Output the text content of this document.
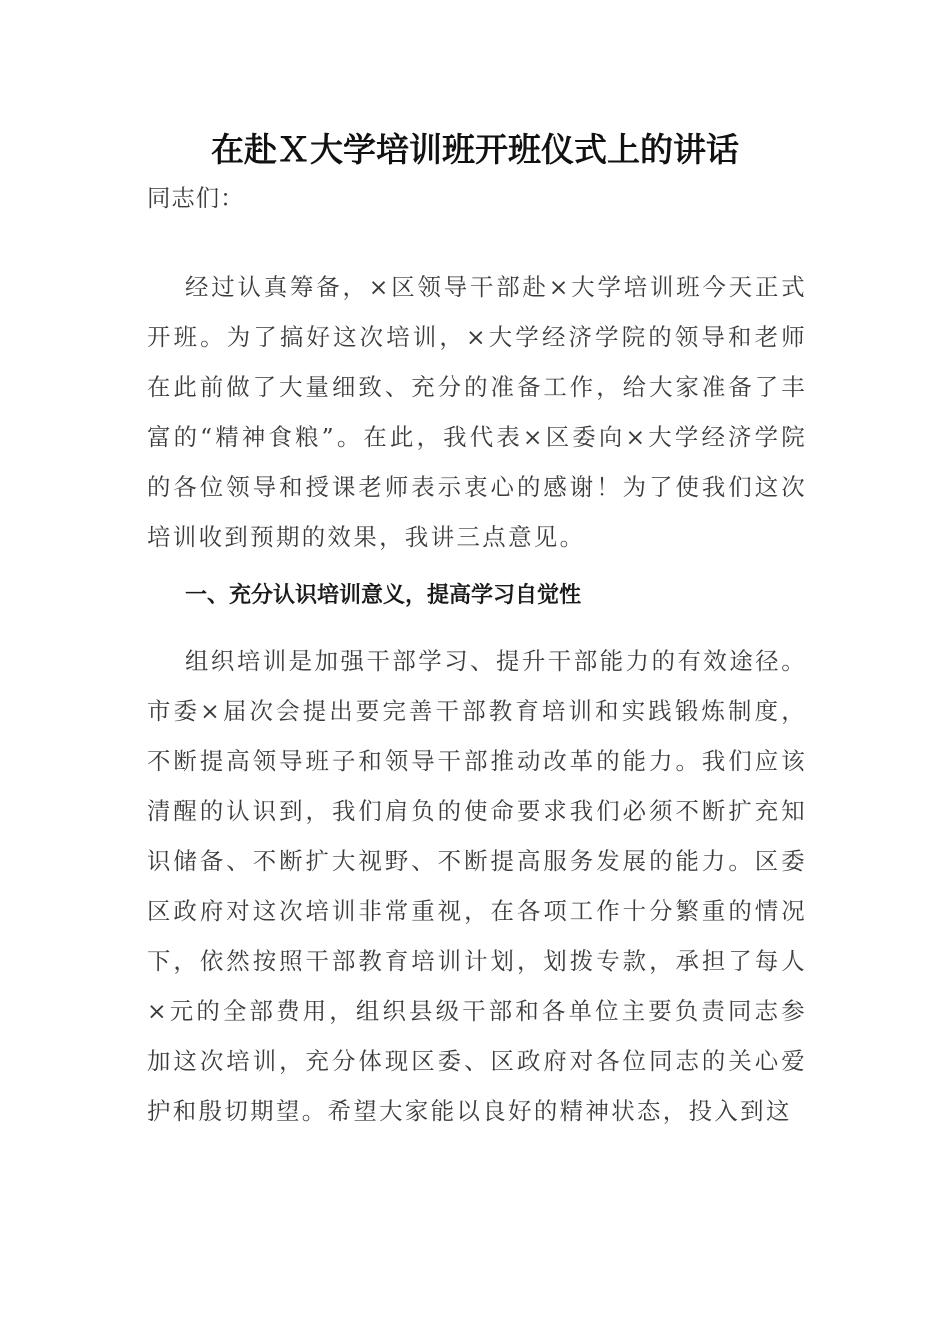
在赴Ｘ大学培训班开班仪式上的讲话

同志们：

经过认真筹备，×区领导干部赴×大学培训班今天正式开班。为了搞好这次培训，×大学经济学院的领导和老师在此前做了大量细致、充分的准备工作，给大家准备了丰富的“精神食粮”。在此，我代表×区委向×大学经济学院的各位领导和授课老师表示衷心的感谢！为了使我们这次培训收到预期的效果，我讲三点意见。

一、充分认识培训意义，提高学习自觉性

组织培训是加强干部学习、提升干部能力的有效途径。市委×届次会提出要完善干部教育培训和实践锻炼制度，不断提高领导班子和领导干部推动改革的能力。我们应该清醒的认识到，我们肩负的使命要求我们必须不断扩充知识储备、不断扩大视野、不断提高服务发展的能力。区委区政府对这次培训非常重视，在各项工作十分繁重的情况下，依然按照干部教育培训计划，划拨专款，承担了每人×元的全部费用，组织县级干部和各单位主要负责同志参加这次培训，充分体现区委、区政府对各位同志的关心爱护和殷切期望。希望大家能以良好的精神状态，投入到这
